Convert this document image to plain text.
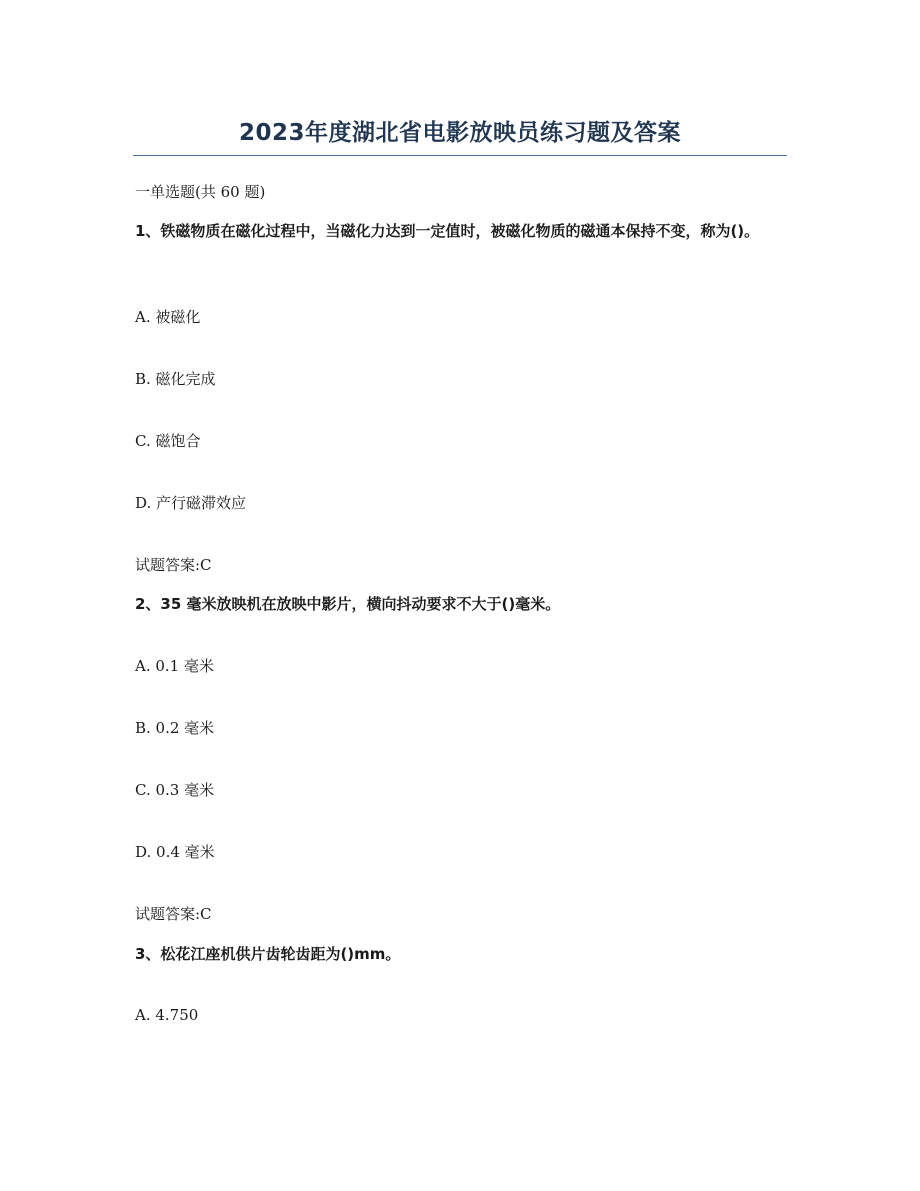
2023年度湖北省电影放映员练习题及答案
一单选题(共 60 题)
1、铁磁物质在磁化过程中，当磁化力达到一定值时，被磁化物质的磁通本保持不变，称为()。
A. 被磁化
B. 磁化完成
C. 磁饱合
D. 产行磁滞效应
试题答案:C
2、35 毫米放映机在放映中影片，横向抖动要求不大于()毫米。
A. 0.1 毫米
B. 0.2 毫米
C. 0.3 毫米
D. 0.4 毫米
试题答案:C
3、松花江座机供片齿轮齿距为()mm。
A. 4.750
